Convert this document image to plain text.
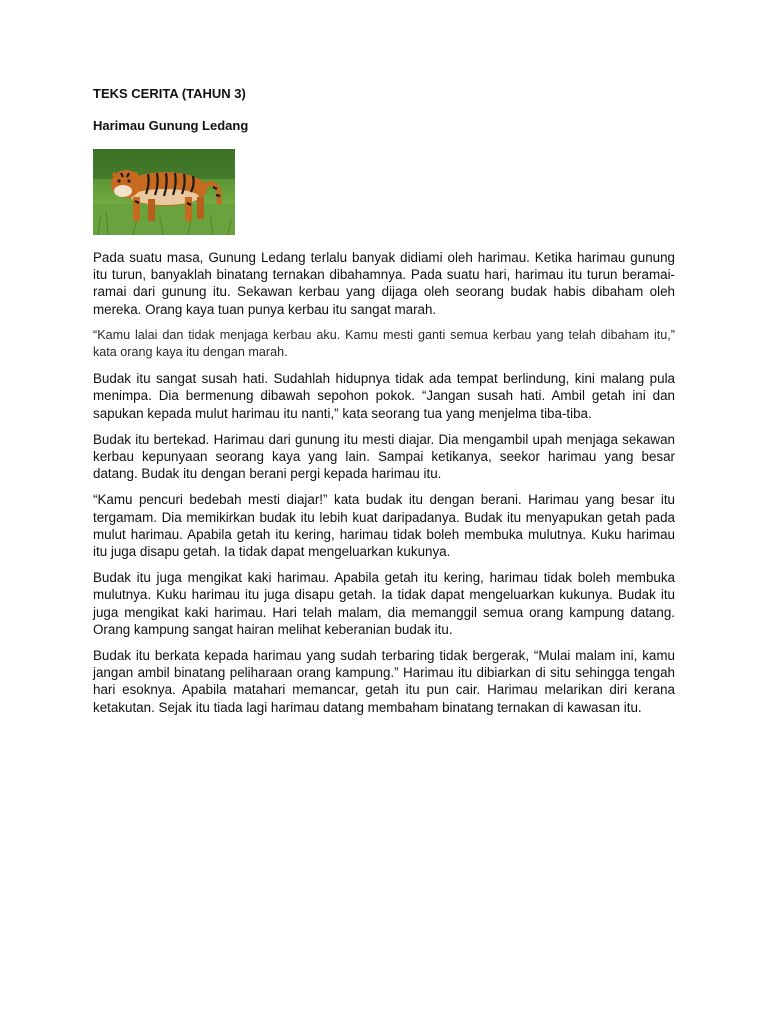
TEKS CERITA (TAHUN 3)

Harimau Gunung Ledang

Pada suatu masa, Gunung Ledang terlalu banyak didiami oleh harimau. Ketika harimau gunung itu turun, banyaklah binatang ternakan dibahamnya. Pada suatu hari, harimau itu turun beramai-ramai dari gunung itu. Sekawan kerbau yang dijaga oleh seorang budak habis dibaham oleh mereka. Orang kaya tuan punya kerbau itu sangat marah.

“Kamu lalai dan tidak menjaga kerbau aku. Kamu mesti ganti semua kerbau yang telah dibaham itu,” kata orang kaya itu dengan marah.

Budak itu sangat susah hati. Sudahlah hidupnya tidak ada tempat berlindung, kini malang pula menimpa. Dia bermenung dibawah sepohon pokok. “Jangan susah hati. Ambil getah ini dan sapukan kepada mulut harimau itu nanti,” kata seorang tua yang menjelma tiba-tiba.

Budak itu bertekad. Harimau dari gunung itu mesti diajar. Dia mengambil upah menjaga sekawan kerbau kepunyaan seorang kaya yang lain. Sampai ketikanya, seekor harimau yang besar datang. Budak itu dengan berani pergi kepada harimau itu.

“Kamu pencuri bedebah mesti diajar!” kata budak itu dengan berani. Harimau yang besar itu tergamam. Dia memikirkan budak itu lebih kuat daripadanya. Budak itu menyapukan getah pada mulut harimau. Apabila getah itu kering, harimau tidak boleh membuka mulutnya. Kuku harimau itu juga disapu getah. Ia tidak dapat mengeluarkan kukunya.

Budak itu juga mengikat kaki harimau. Apabila getah itu kering, harimau tidak boleh membuka mulutnya. Kuku harimau itu juga disapu getah. Ia tidak dapat mengeluarkan kukunya. Budak itu juga mengikat kaki harimau. Hari telah malam, dia memanggil semua orang kampung datang. Orang kampung sangat hairan melihat keberanian budak itu.

Budak itu berkata kepada harimau yang sudah terbaring tidak bergerak, “Mulai malam ini, kamu jangan ambil binatang peliharaan orang kampung.” Harimau itu dibiarkan di situ sehingga tengah hari esoknya. Apabila matahari memancar, getah itu pun cair. Harimau melarikan diri kerana ketakutan. Sejak itu tiada lagi harimau datang membaham binatang ternakan di kawasan itu.
